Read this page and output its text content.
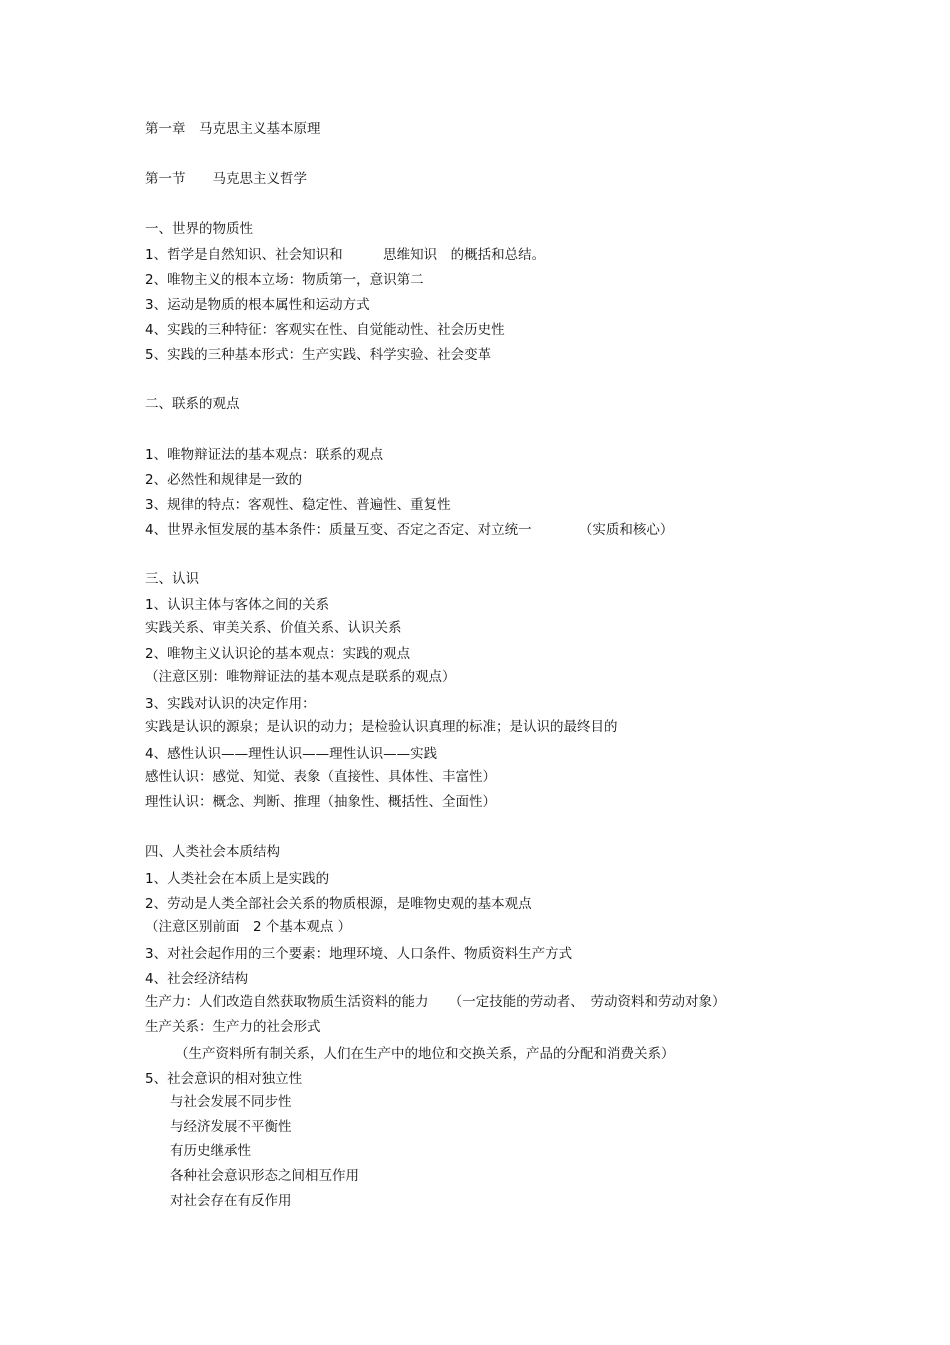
第一章　马克思主义基本原理
第一节　　马克思主义哲学
一、世界的物质性
1、哲学是自然知识、社会知识和　　　思维知识　的概括和总结。
2、唯物主义的根本立场：物质第一，意识第二
3、运动是物质的根本属性和运动方式
4、实践的三种特征：客观实在性、自觉能动性、社会历史性
5、实践的三种基本形式：生产实践、科学实验、社会变革
二、联系的观点
1、唯物辩证法的基本观点：联系的观点
2、必然性和规律是一致的
3、规律的特点：客观性、稳定性、普遍性、重复性
4、世界永恒发展的基本条件：质量互变、否定之否定、对立统一　　　　（实质和核心）
三、认识
1、认识主体与客体之间的关系
实践关系、审美关系、价值关系、认识关系
2、唯物主义认识论的基本观点：实践的观点
（注意区别：唯物辩证法的基本观点是联系的观点）
3、实践对认识的决定作用：
实践是认识的源泉；是认识的动力；是检验认识真理的标准；是认识的最终目的
4、感性认识——理性认识——理性认识——实践
感性认识：感觉、知觉、表象（直接性、具体性、丰富性）
理性认识：概念、判断、推理（抽象性、概括性、全面性）
四、人类社会本质结构
1、人类社会在本质上是实践的
2、劳动是人类全部社会关系的物质根源，是唯物史观的基本观点
（注意区别前面　2 个基本观点 ）
3、对社会起作用的三个要素：地理环境、人口条件、物质资料生产方式
4、社会经济结构
生产力：人们改造自然获取物质生活资料的能力　　（一定技能的劳动者、　劳动资料和劳动对象）
生产关系：生产力的社会形式
（生产资料所有制关系，人们在生产中的地位和交换关系，产品的分配和消费关系）
5、社会意识的相对独立性
与社会发展不同步性
与经济发展不平衡性
有历史继承性
各种社会意识形态之间相互作用
对社会存在有反作用
